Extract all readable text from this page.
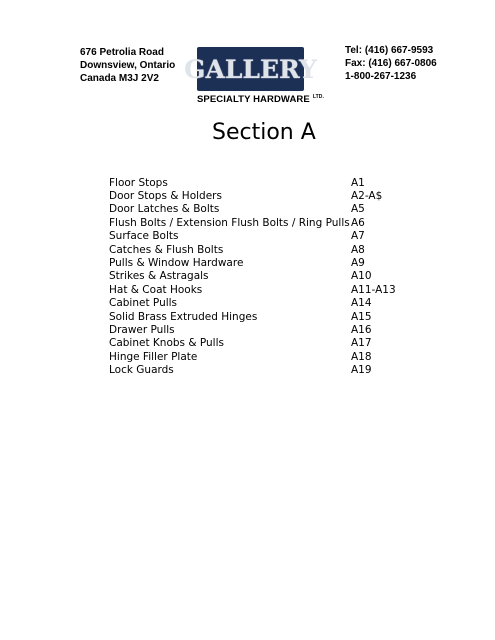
676 Petrolia Road
Downsview, Ontario
Canada M3J 2V2	GALLERY
SPECIALTY HARDWARE $^{LTD.}$
Tel: (416) 667-9593
Fax: (416) 667-0806
1-800-267-1236
Section A
Floor Stops	A1
Door Stops & Holders	A2-A$
Door Latches & Bolts	A5
Flush Bolts / Extension Flush Bolts / Ring Pulls A6
Surface Bolts	A7
Catches & Flush Bolts	A8
Pulls & Window Hardware	A9
Strikes & Astragals	A10
Hat & Coat Hooks	A11-A13
Cabinet Pulls	A14
Solid Brass Extruded Hinges	A15
Drawer Pulls	A16
Cabinet Knobs & Pulls	A17
Hinge Filler Plate	A18
Lock Guards	A19
